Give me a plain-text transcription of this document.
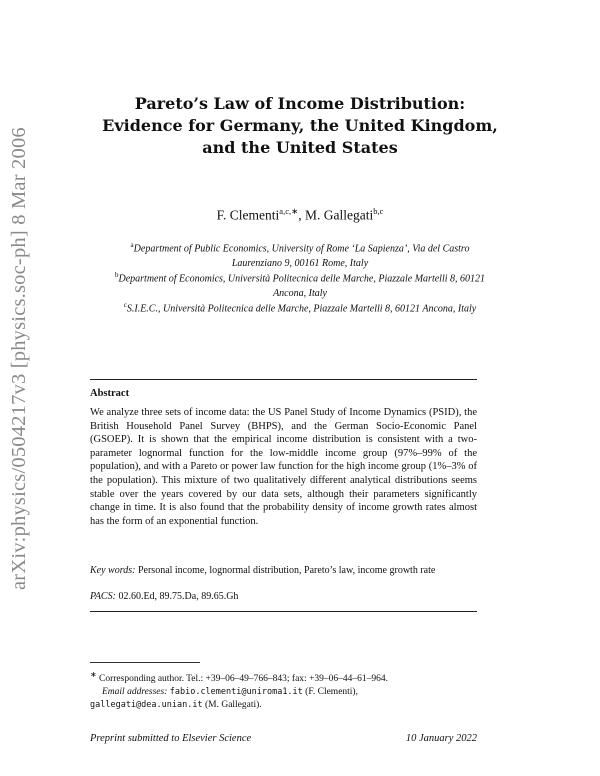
arXiv:physics/0504217v3 [physics.soc-ph] 8 Mar 2006
Pareto’s Law of Income Distribution:
Evidence for Germany, the United Kingdom,
and the United States
F. Clementi$^{a,c,∗}$, M. Gallegati$^{b,c}$
$^a$Department of Public Economics, University of Rome ‘La Sapienza’, Via del Castro Laurenziano 9, 00161 Rome, Italy
$^b$Department of Economics, Università Politecnica delle Marche, Piazzale Martelli 8, 60121 Ancona, Italy
$^c$S.I.E.C., Università Politecnica delle Marche, Piazzale Martelli 8, 60121 Ancona, Italy
Abstract
We analyze three sets of income data: the US Panel Study of Income Dynamics (PSID), the British Household Panel Survey (BHPS), and the German Socio-Economic Panel (GSOEP). It is shown that the empirical income distribution is consistent with a two-parameter lognormal function for the low-middle income group (97%–99% of the population), and with a Pareto or power law function for the high income group (1%–3% of the population). This mixture of two qualitatively different analytical distributions seems stable over the years covered by our data sets, although their parameters significantly change in time. It is also found that the probability density of income growth rates almost has the form of an exponential function.
Key words: Personal income, lognormal distribution, Pareto’s law, income growth rate
PACS: 02.60.Ed, 89.75.Da, 89.65.Gh
∗ Corresponding author. Tel.: +39–06–49–766–843; fax: +39–06–44–61–964.
Email addresses: fabio.clementi@uniroma1.it (F. Clementi),
gallegati@dea.unian.it (M. Gallegati).
Preprint submitted to Elsevier Science	10 January 2022
